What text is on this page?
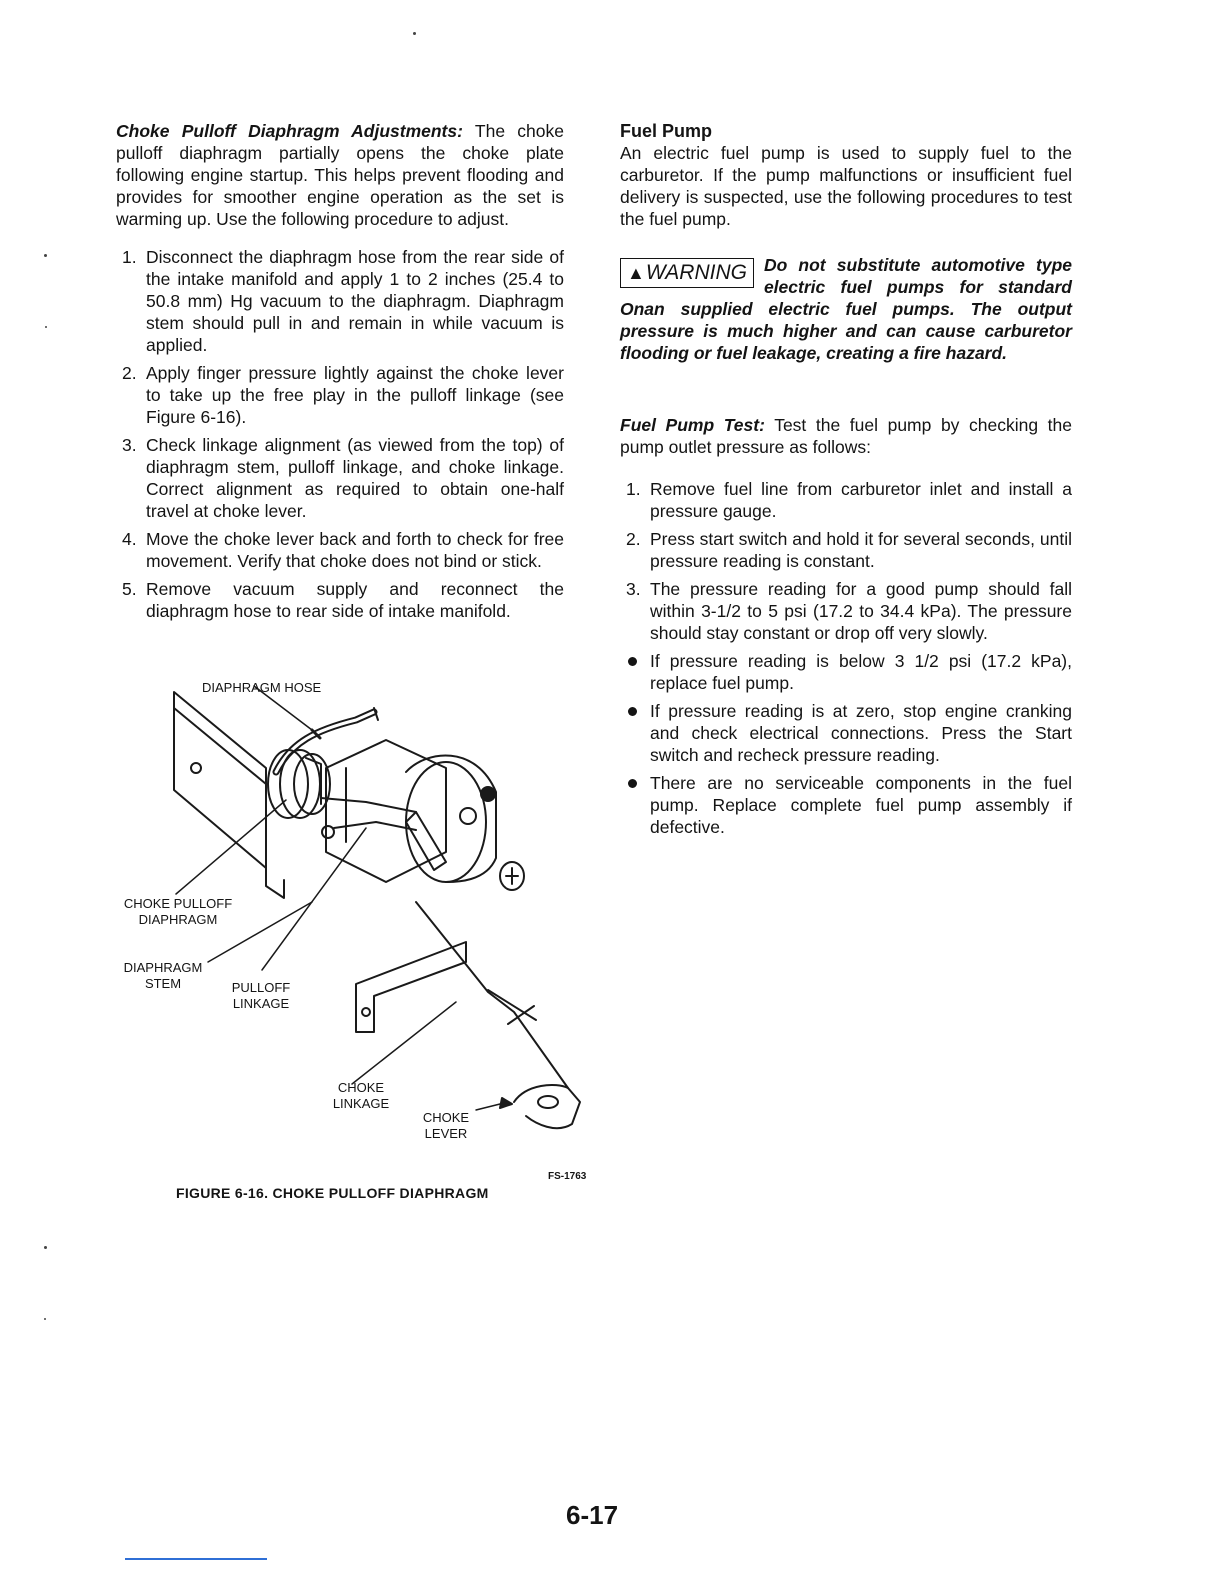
Choke Pulloff Diaphragm Adjustments: The choke pulloff diaphragm partially opens the choke plate following engine startup. This helps prevent flooding and provides for smoother engine operation as the set is warming up. Use the following procedure to adjust.

1. Disconnect the diaphragm hose from the rear side of the intake manifold and apply 1 to 2 inches (25.4 to 50.8 mm) Hg vacuum to the diaphragm. Diaphragm stem should pull in and remain in while vacuum is applied.
2. Apply finger pressure lightly against the choke lever to take up the free play in the pulloff linkage (see Figure 6-16).
3. Check linkage alignment (as viewed from the top) of diaphragm stem, pulloff linkage, and choke linkage. Correct alignment as required to obtain one-half travel at choke lever.
4. Move the choke lever back and forth to check for free movement. Verify that choke does not bind or stick.
5. Remove vacuum supply and reconnect the diaphragm hose to rear side of intake manifold.
DIAPHRAGM HOSE
CHOKE PULLOFF
DIAPHRAGM
DIAPHRAGM
STEM	PULLOFF
LINKAGE
CHOKE
LINKAGE
CHOKE
LEVER
FS-1763
FIGURE 6-16. CHOKE PULLOFF DIAPHRAGM
Fuel Pump

An electric fuel pump is used to supply fuel to the carburetor. If the pump malfunctions or insufficient fuel delivery is suspected, use the following procedures to test the fuel pump.

▲WARNING Do not substitute automotive type electric fuel pumps for standard Onan supplied electric fuel pumps. The output pressure is much higher and can cause carburetor flooding or fuel leakage, creating a fire hazard.

Fuel Pump Test: Test the fuel pump by checking the pump outlet pressure as follows:

1. Remove fuel line from carburetor inlet and install a pressure gauge.
2. Press start switch and hold it for several seconds, until pressure reading is constant.
3. The pressure reading for a good pump should fall within 3-1/2 to 5 psi (17.2 to 34.4 kPa). The pressure should stay constant or drop off very slowly.
If pressure reading is below 3 1/2 psi (17.2 kPa), replace fuel pump.
If pressure reading is at zero, stop engine cranking and check electrical connections. Press the Start switch and recheck pressure reading.
There are no serviceable components in the fuel pump. Replace complete fuel pump assembly if defective.
6-17
